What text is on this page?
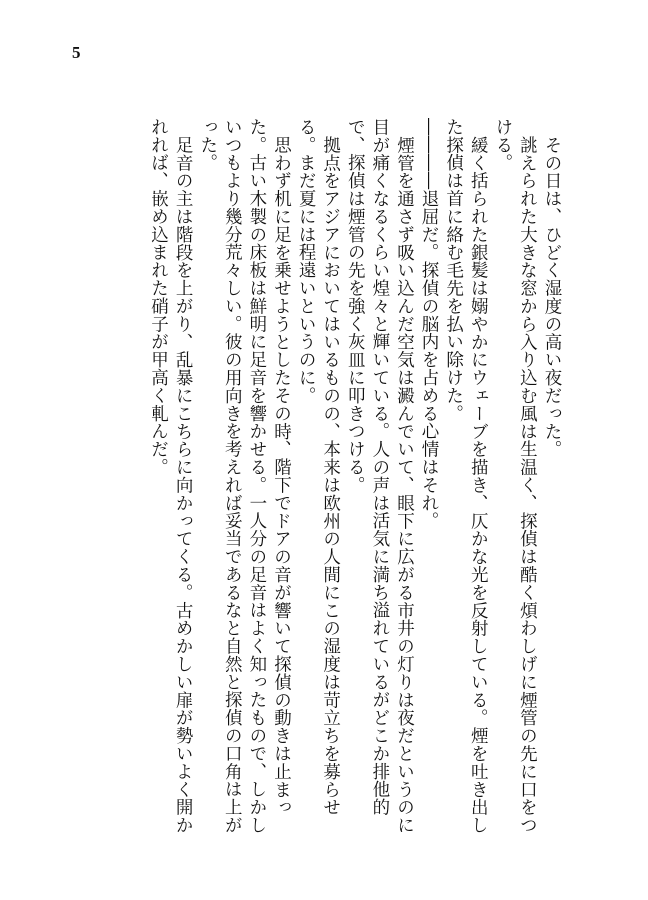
5

その日は、ひどく湿度の高い夜だった。

誂えられた大きな窓から入り込む風は生温く、探偵は酷く煩わしげに煙管の先に口をつける。

緩く括られた銀髪は嫋やかにウェーブを描き、仄かな光を反射している。煙を吐き出した探偵は首に絡む毛先を払い除けた。

――――退屈だ。探偵の脳内を占める心情はそれ。

煙管を通さず吸い込んだ空気は澱んでいて、眼下に広がる市井の灯りは夜だというのに目が痛くなるくらい煌々と輝いている。人の声は活気に満ち溢れているがどこか排他的で、探偵は煙管の先を強く灰皿に叩きつける。

拠点をアジアにおいてはいるものの、本来は欧州の人間にこの湿度は苛立ちを募らせる。まだ夏には程遠いというのに。

思わず机に足を乗せようとしたその時、階下でドアの音が響いて探偵の動きは止まった。古い木製の床板は鮮明に足音を響かせる。一人分の足音はよく知ったもので、しかしいつもより幾分荒々しい。彼の用向きを考えれば妥当であるなと自然と探偵の口角は上がった。

足音の主は階段を上がり、乱暴にこちらに向かってくる。古めかしい扉が勢いよく開かれれば、嵌め込まれた硝子が甲高く軋んだ。
